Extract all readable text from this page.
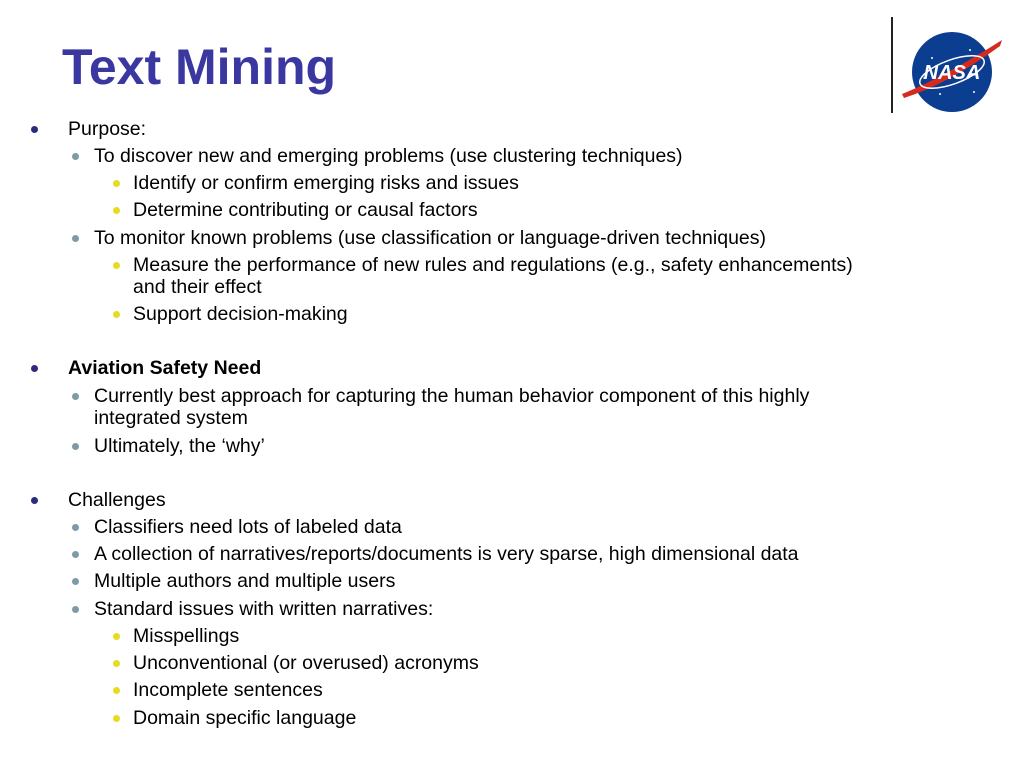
Text Mining	NASA
Purpose:
To discover new and emerging problems (use clustering techniques)
Identify or confirm emerging risks and issues
Determine contributing or causal factors
To monitor known problems (use classification or language-driven techniques)
Measure the performance of new rules and regulations (e.g., safety enhancements)
and their effect
Support decision-making
Aviation Safety Need
Currently best approach for capturing the human behavior component of this highly
integrated system
Ultimately, the ‘why’
Challenges
Classifiers need lots of labeled data
A collection of narratives/reports/documents is very sparse, high dimensional data
Multiple authors and multiple users
Standard issues with written narratives:
Misspellings
Unconventional (or overused) acronyms
Incomplete sentences
Domain specific language
